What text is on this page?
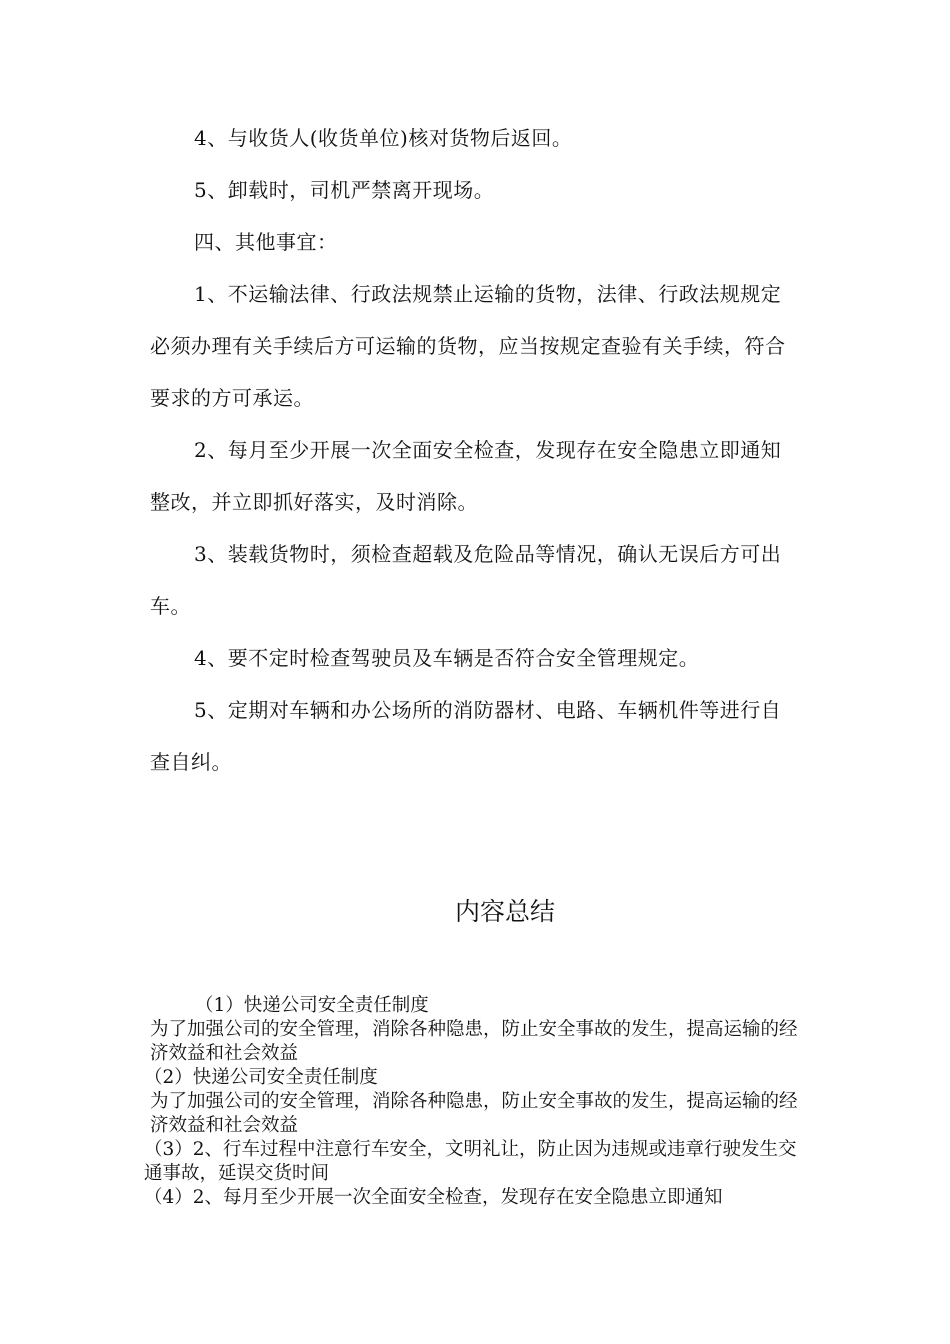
4、与收货人(收货单位)核对货物后返回。
5、卸载时，司机严禁离开现场。
四、其他事宜：
1、不运输法律、行政法规禁止运输的货物，法律、行政法规规定必须办理有关手续后方可运输的货物，应当按规定查验有关手续，符合要求的方可承运。
2、每月至少开展一次全面安全检查，发现存在安全隐患立即通知整改，并立即抓好落实，及时消除。
3、装载货物时，须检查超载及危险品等情况，确认无误后方可出车。
4、要不定时检查驾驶员及车辆是否符合安全管理规定。
5、定期对车辆和办公场所的消防器材、电路、车辆机件等进行自查自纠。
内容总结
（1）快递公司安全责任制度
为了加强公司的安全管理，消除各种隐患，防止安全事故的发生，提高运输的经济效益和社会效益
（2）快递公司安全责任制度
为了加强公司的安全管理，消除各种隐患，防止安全事故的发生，提高运输的经济效益和社会效益
（3）2、行车过程中注意行车安全，文明礼让，防止因为违规或违章行驶发生交通事故，延误交货时间
（4）2、每月至少开展一次全面安全检查，发现存在安全隐患立即通知
